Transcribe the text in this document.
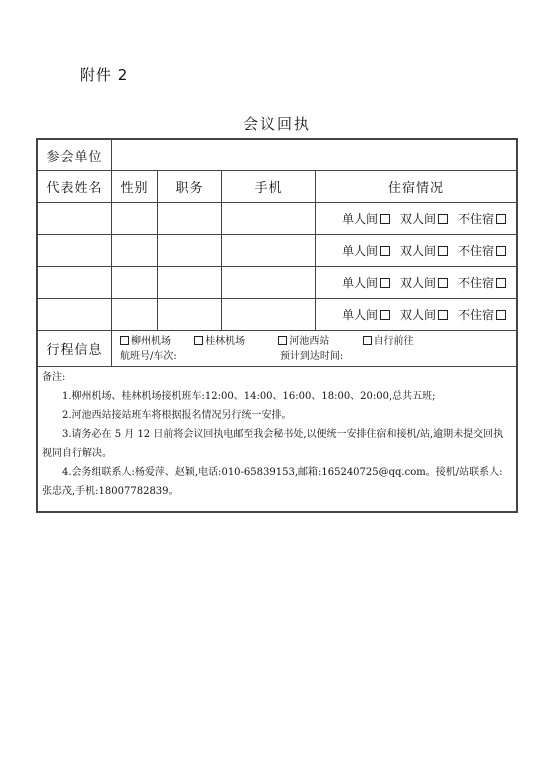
附件 2
会议回执
参会单位				
代表姓名	性别	职务	手机	住宿情况
				单人间 双人间 不住宿
				单人间 双人间 不住宿
				单人间 双人间 不住宿
				单人间 双人间 不住宿
行程信息	柳州机场 桂林机场 河池西站 自行前往
航班号/车次: 预计到达时间:			

备注:

1.柳州机场、桂林机场接机班车:12:00、14:00、16:00、18:00、20:00,总共五班;

2.河池西站接站班车将根据报名情况另行统一安排。

3.请务必在 5 月 12 日前将会议回执电邮至我会秘书处,以便统一安排住宿和接机/站,逾期未提交回执视同自行解决。

4.会务组联系人:杨爱萍、赵颖,电话:010-65839153,邮箱:165240725@qq.com。接机/站联系人:张忠茂,手机:18007782839。				
